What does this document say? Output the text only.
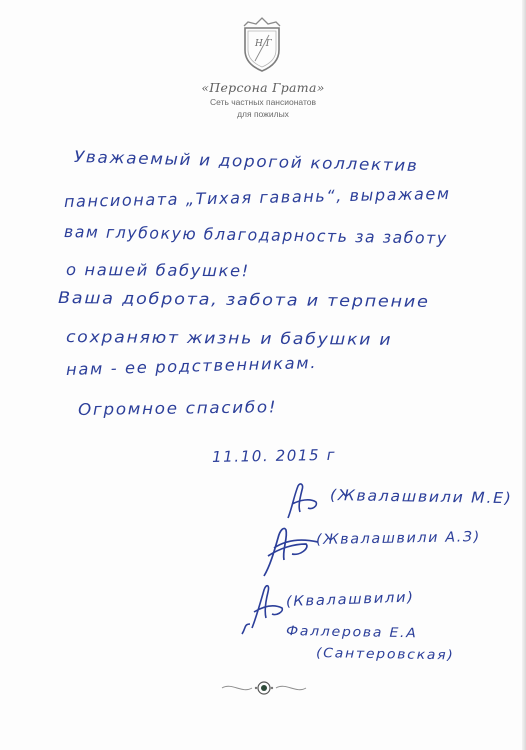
Н Г
«Персона Грата»
Сеть частных пансионатов
для пожилых
Уважаемый и дорогой коллектив
пансионата „Тихая гавань“, выражаем
вам глубокую благодарность за заботу
о нашей бабушке!
Ваша доброта, забота и терпение
сохраняют жизнь и бабушки и
нам - ее родственникам.
Огромное спасибо!
11.10. 2015 г
(Жвалашвили М.Е)
(Жвалашвили А.З)
(Квалашвили)
Фаллерова Е.А
(Сантеровская)
